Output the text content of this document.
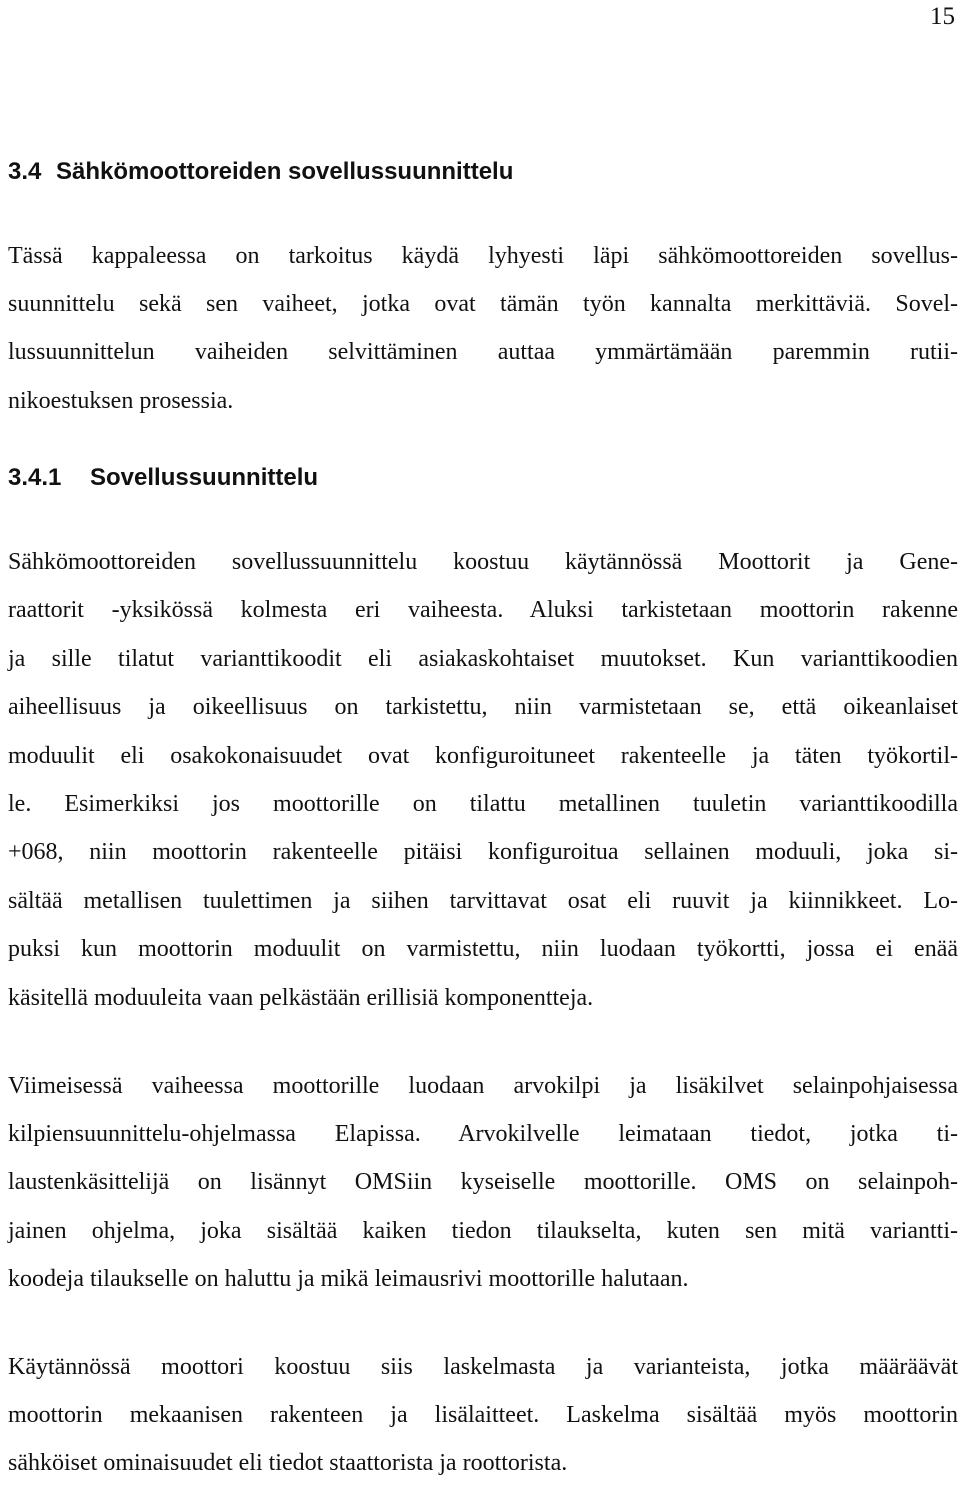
15
3.4 Sähkömoottoreiden sovellussuunnittelu

Tässä kappaleessa on tarkoitus käydä lyhyesti läpi sähkömoottoreiden sovellus-
suunnittelu sekä sen vaiheet, jotka ovat tämän työn kannalta merkittäviä. Sovel-
lussuunnittelun vaiheiden selvittäminen auttaa ymmärtämään paremmin rutii-
nikoestuksen prosessia.

3.4.1 Sovellussuunnittelu

Sähkömoottoreiden sovellussuunnittelu koostuu käytännössä Moottorit ja Gene-
raattorit -yksikössä kolmesta eri vaiheesta. Aluksi tarkistetaan moottorin rakenne
ja sille tilatut varianttikoodit eli asiakaskohtaiset muutokset. Kun varianttikoodien
aiheellisuus ja oikeellisuus on tarkistettu, niin varmistetaan se, että oikeanlaiset
moduulit eli osakokonaisuudet ovat konfiguroituneet rakenteelle ja täten työkortil-
le. Esimerkiksi jos moottorille on tilattu metallinen tuuletin varianttikoodilla
+068, niin moottorin rakenteelle pitäisi konfiguroitua sellainen moduuli, joka si-
sältää metallisen tuulettimen ja siihen tarvittavat osat eli ruuvit ja kiinnikkeet. Lo-
puksi kun moottorin moduulit on varmistettu, niin luodaan työkortti, jossa ei enää
käsitellä moduuleita vaan pelkästään erillisiä komponentteja.

Viimeisessä vaiheessa moottorille luodaan arvokilpi ja lisäkilvet selainpohjaisessa
kilpiensuunnittelu-ohjelmassa Elapissa. Arvokilvelle leimataan tiedot, jotka ti-
laustenkäsittelijä on lisännyt OMSiin kyseiselle moottorille. OMS on selainpoh-
jainen ohjelma, joka sisältää kaiken tiedon tilaukselta, kuten sen mitä variantti-
koodeja tilaukselle on haluttu ja mikä leimausrivi moottorille halutaan.

Käytännössä moottori koostuu siis laskelmasta ja varianteista, jotka määräävät
moottorin mekaanisen rakenteen ja lisälaitteet. Laskelma sisältää myös moottorin
sähköiset ominaisuudet eli tiedot staattorista ja roottorista.
